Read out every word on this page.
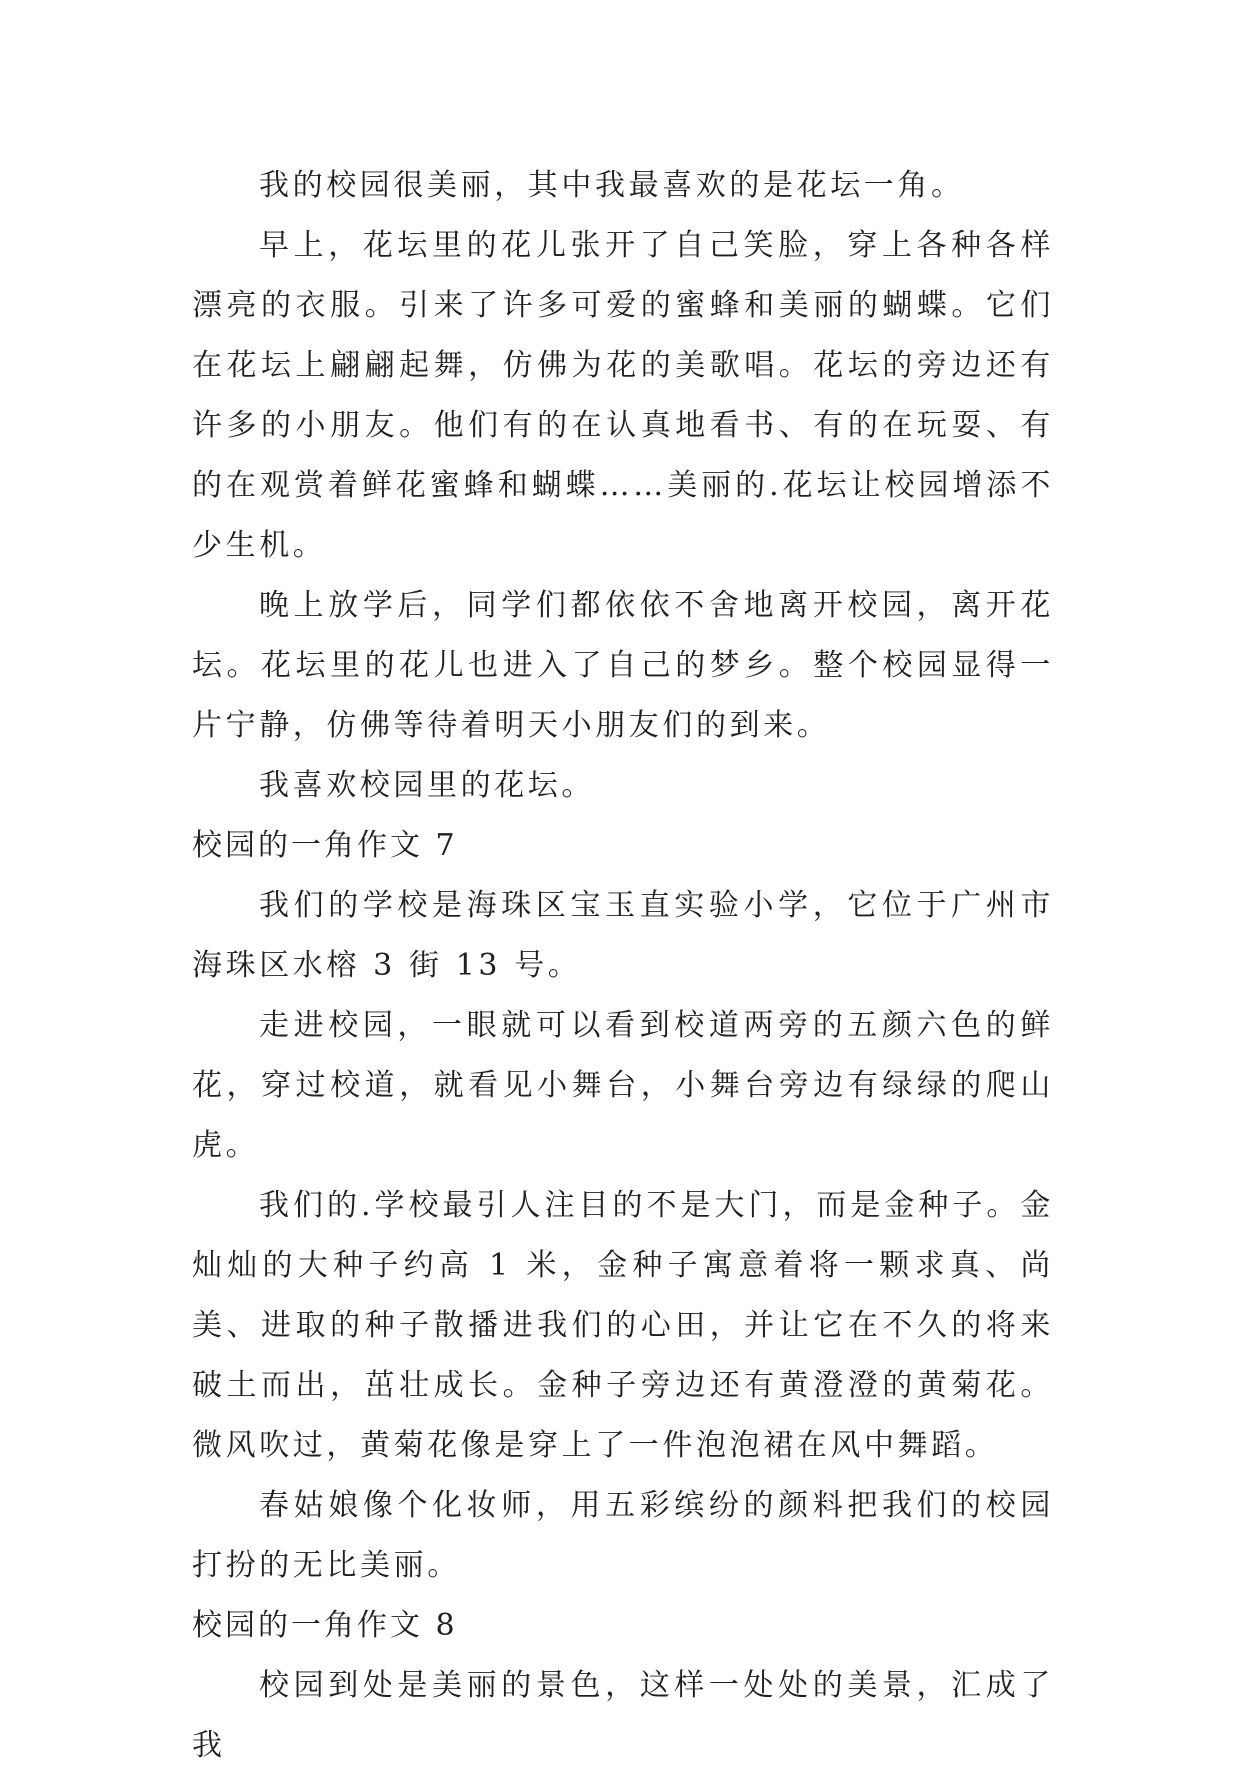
我的校园很美丽，其中我最喜欢的是花坛一角。

早上，花坛里的花儿张开了自己笑脸，穿上各种各样漂亮的衣服。引来了许多可爱的蜜蜂和美丽的蝴蝶。它们在花坛上翩翩起舞，仿佛为花的美歌唱。花坛的旁边还有许多的小朋友。他们有的在认真地看书、有的在玩耍、有的在观赏着鲜花蜜蜂和蝴蝶……美丽的.花坛让校园增添不少生机。

晚上放学后，同学们都依依不舍地离开校园，离开花坛。花坛里的花儿也进入了自己的梦乡。整个校园显得一片宁静，仿佛等待着明天小朋友们的到来。

我喜欢校园里的花坛。

校园的一角作文 7

我们的学校是海珠区宝玉直实验小学，它位于广州市海珠区水榕 3 街 13 号。

走进校园，一眼就可以看到校道两旁的五颜六色的鲜花，穿过校道，就看见小舞台，小舞台旁边有绿绿的爬山虎。

我们的.学校最引人注目的不是大门，而是金种子。金灿灿的大种子约高 1 米，金种子寓意着将一颗求真、尚美、进取的种子散播进我们的心田，并让它在不久的将来破土而出，茁壮成长。金种子旁边还有黄澄澄的黄菊花。微风吹过，黄菊花像是穿上了一件泡泡裙在风中舞蹈。

春姑娘像个化妆师，用五彩缤纷的颜料把我们的校园打扮的无比美丽。

校园的一角作文 8

校园到处是美丽的景色，这样一处处的美景，汇成了我
